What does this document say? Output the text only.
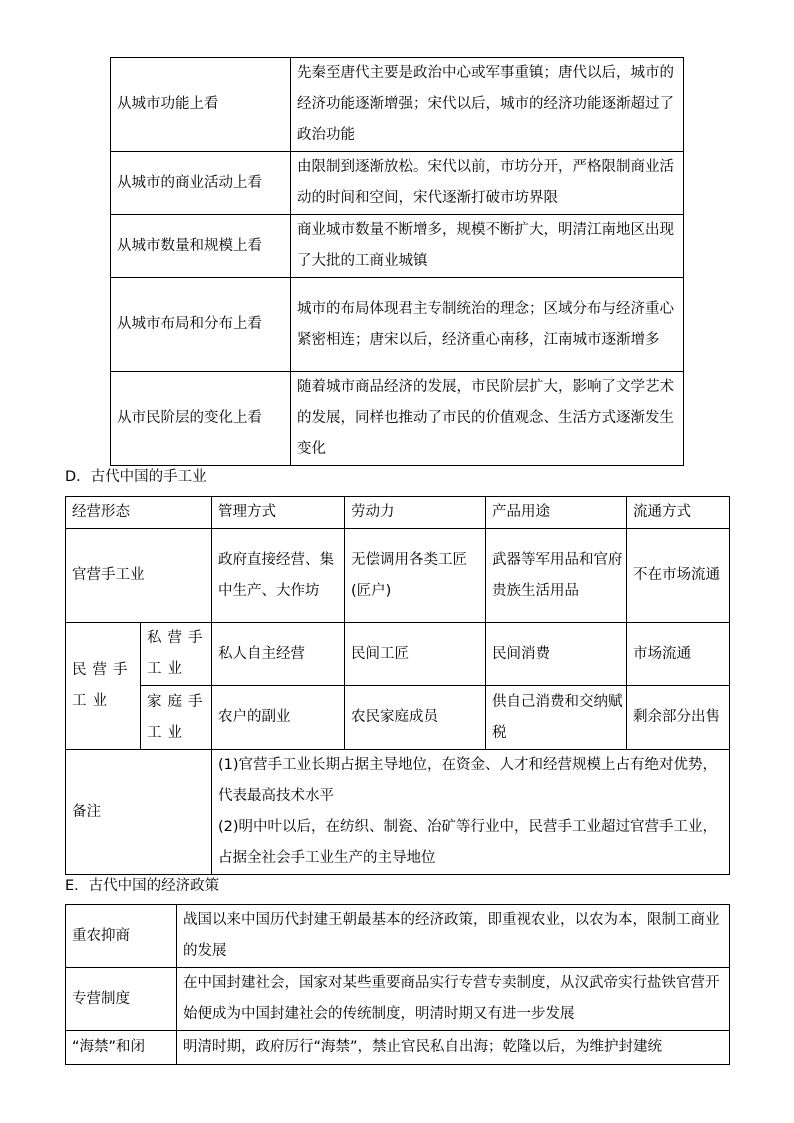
从城市功能上看	先秦至唐代主要是政治中心或军事重镇；唐代以后，城市的经济功能逐渐增强；宋代以后，城市的经济功能逐渐超过了政治功能
从城市的商业活动上看	由限制到逐渐放松。宋代以前，市坊分开，严格限制商业活动的时间和空间，宋代逐渐打破市坊界限
从城市数量和规模上看	商业城市数量不断增多，规模不断扩大，明清江南地区出现了大批的工商业城镇
从城市布局和分布上看	城市的布局体现君主专制统治的理念；区域分布与经济重心紧密相连；唐宋以后，经济重心南移，江南城市逐渐增多
从市民阶层的变化上看	随着城市商品经济的发展，市民阶层扩大，影响了文学艺术的发展，同样也推动了市民的价值观念、生活方式逐渐发生变化
D．古代中国的手工业
经营形态		管理方式	劳动力	产品用途	流通方式
官营手工业		政府直接经营、集中生产、大作坊	无偿调用各类工匠(匠户)	武器等军用品和官府贵族生活用品	不在市场流通
民营手工业	私营手工业	私人自主经营	民间工匠	民间消费	市场流通
	家庭手工业	农户的副业	农民家庭成员	供自己消费和交纳赋税	剩余部分出售
备注		(1)官营手工业长期占据主导地位，在资金、人才和经营规模上占有绝对优势，代表最高技术水平
(2)明中叶以后，在纺织、制瓷、冶矿等行业中，民营手工业超过官营手工业，占据全社会手工业生产的主导地位			
E．古代中国的经济政策
重农抑商	战国以来中国历代封建王朝最基本的经济政策，即重视农业，以农为本，限制工商业的发展
专营制度	在中国封建社会，国家对某些重要商品实行专营专卖制度，从汉武帝实行盐铁官营开始便成为中国封建社会的传统制度，明清时期又有进一步发展
“海禁”和闭	明清时期，政府厉行“海禁”，禁止官民私自出海；乾隆以后，为维护封建统
